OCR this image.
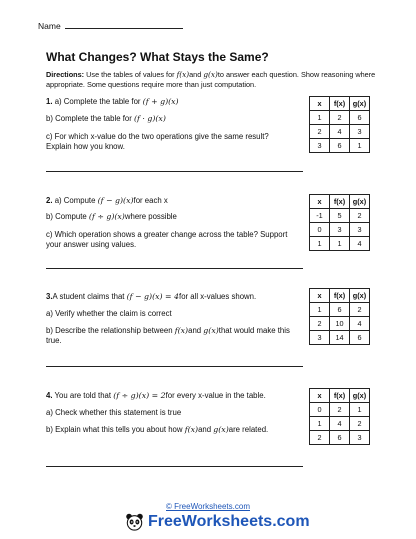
Name
What Changes? What Stays the Same?
Directions: Use the tables of values for f(x)and g(x)to answer each question. Show reasoning where appropriate. Some questions require more than just computation.
1. a) Complete the table for (f + g)(x)
b) Complete the table for (f · g)(x)
c) For which x-value do the two operations give the same result? Explain how you know.
x	f(x)	g(x)
1	2	6
2	4	3
3	6	1
2. a) Compute (f − g)(x)for each x
b) Compute (f ÷ g)(x)where possible
c) Which operation shows a greater change across the table? Support your answer using values.
x	f(x)	g(x)
-1	5	2
0	3	3
1	1	4
3.A student claims that (f − g)(x) = 4for all x-values shown.
a) Verify whether the claim is correct
b) Describe the relationship between f(x)and g(x)that would make this true.
x	f(x)	g(x)
1	6	2
2	10	4
3	14	6
4. You are told that (f ÷ g)(x) = 2for every x-value in the table.
a) Check whether this statement is true
b) Explain what this tells you about how f(x)and g(x)are related.
x	f(x)	g(x)
0	2	1
1	4	2
2	6	3
© FreeWorksheets.com
FreeWorksheets.com
